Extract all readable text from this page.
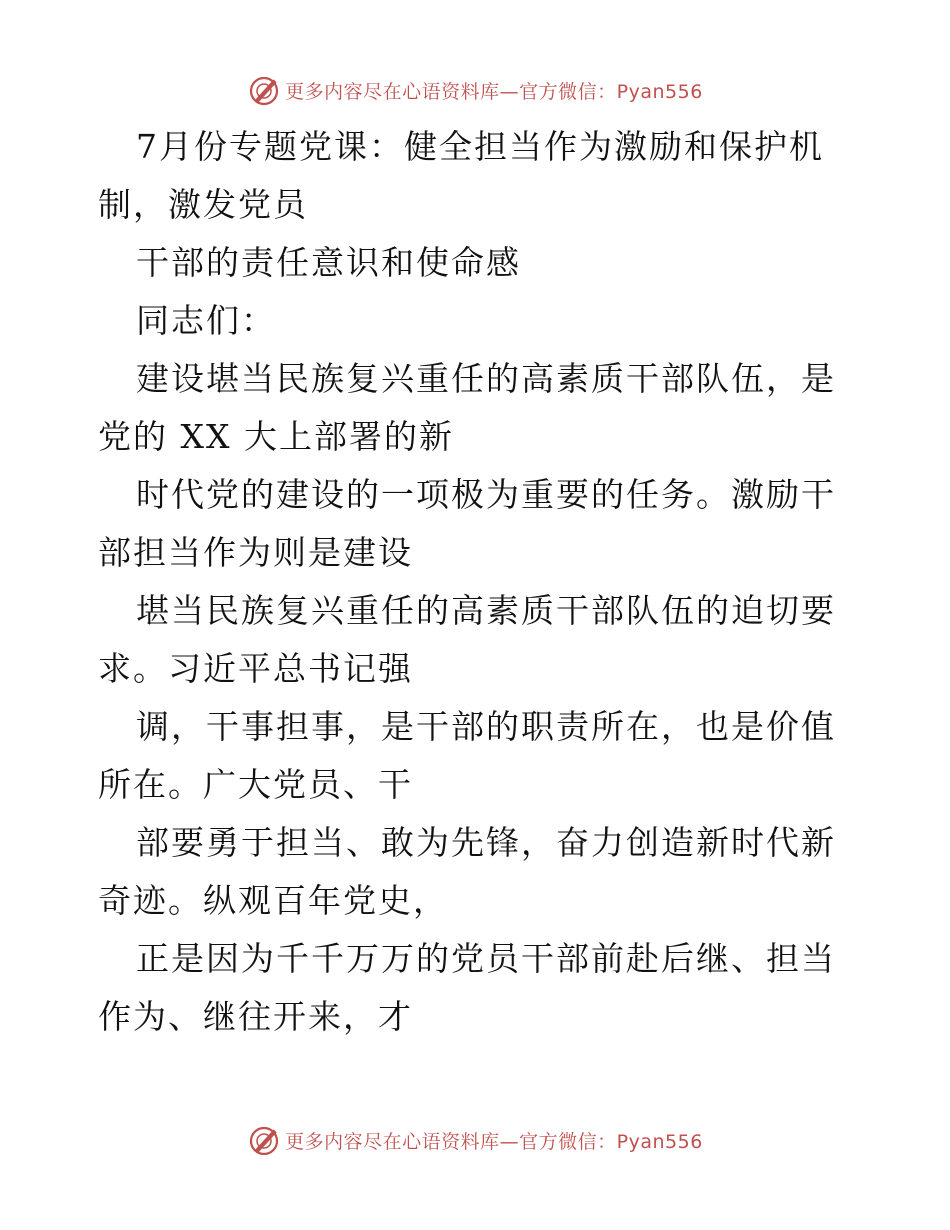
更多内容尽在心语资料库—官方微信：Pyan556

7月份专题党课：健全担当作为激励和保护机制，激发党员

干部的责任意识和使命感

同志们：

建设堪当民族复兴重任的高素质干部队伍，是党的 XX 大上部署的新

时代党的建设的一项极为重要的任务。激励干部担当作为则是建设

堪当民族复兴重任的高素质干部队伍的迫切要求。习近平总书记强

调，干事担事，是干部的职责所在，也是价值所在。广大党员、干

部要勇于担当、敢为先锋，奋力创造新时代新奇迹。纵观百年党史，

正是因为千千万万的党员干部前赴后继、担当作为、继往开来，才

更多内容尽在心语资料库—官方微信：Pyan556
